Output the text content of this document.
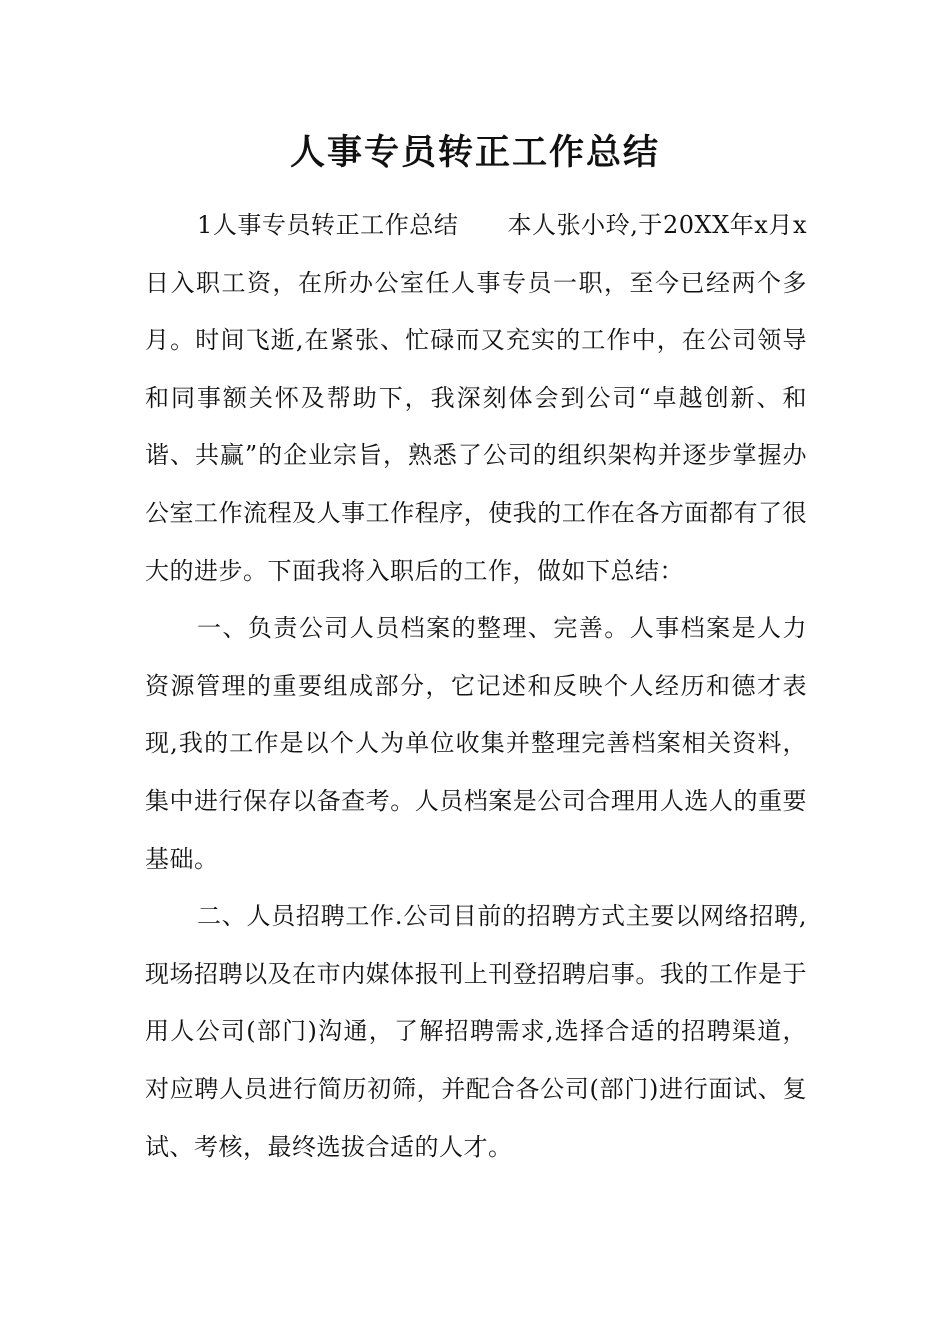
人事专员转正工作总结

1人事专员转正工作总结　　本人张小玲,于20XX年x月x日入职工资，在所办公室任人事专员一职，至今已经两个多月。时间飞逝,在紧张、忙碌而又充实的工作中，在公司领导和同事额关怀及帮助下，我深刻体会到公司“卓越创新、和谐、共赢”的企业宗旨，熟悉了公司的组织架构并逐步掌握办公室工作流程及人事工作程序，使我的工作在各方面都有了很大的进步。下面我将入职后的工作，做如下总结：

一、负责公司人员档案的整理、完善。人事档案是人力资源管理的重要组成部分，它记述和反映个人经历和德才表现,我的工作是以个人为单位收集并整理完善档案相关资料，集中进行保存以备查考。人员档案是公司合理用人选人的重要基础。

二、人员招聘工作.公司目前的招聘方式主要以网络招聘,现场招聘以及在市内媒体报刊上刊登招聘启事。我的工作是于用人公司(部门)沟通，了解招聘需求,选择合适的招聘渠道，对应聘人员进行简历初筛，并配合各公司(部门)进行面试、复试、考核，最终选拔合适的人才。
